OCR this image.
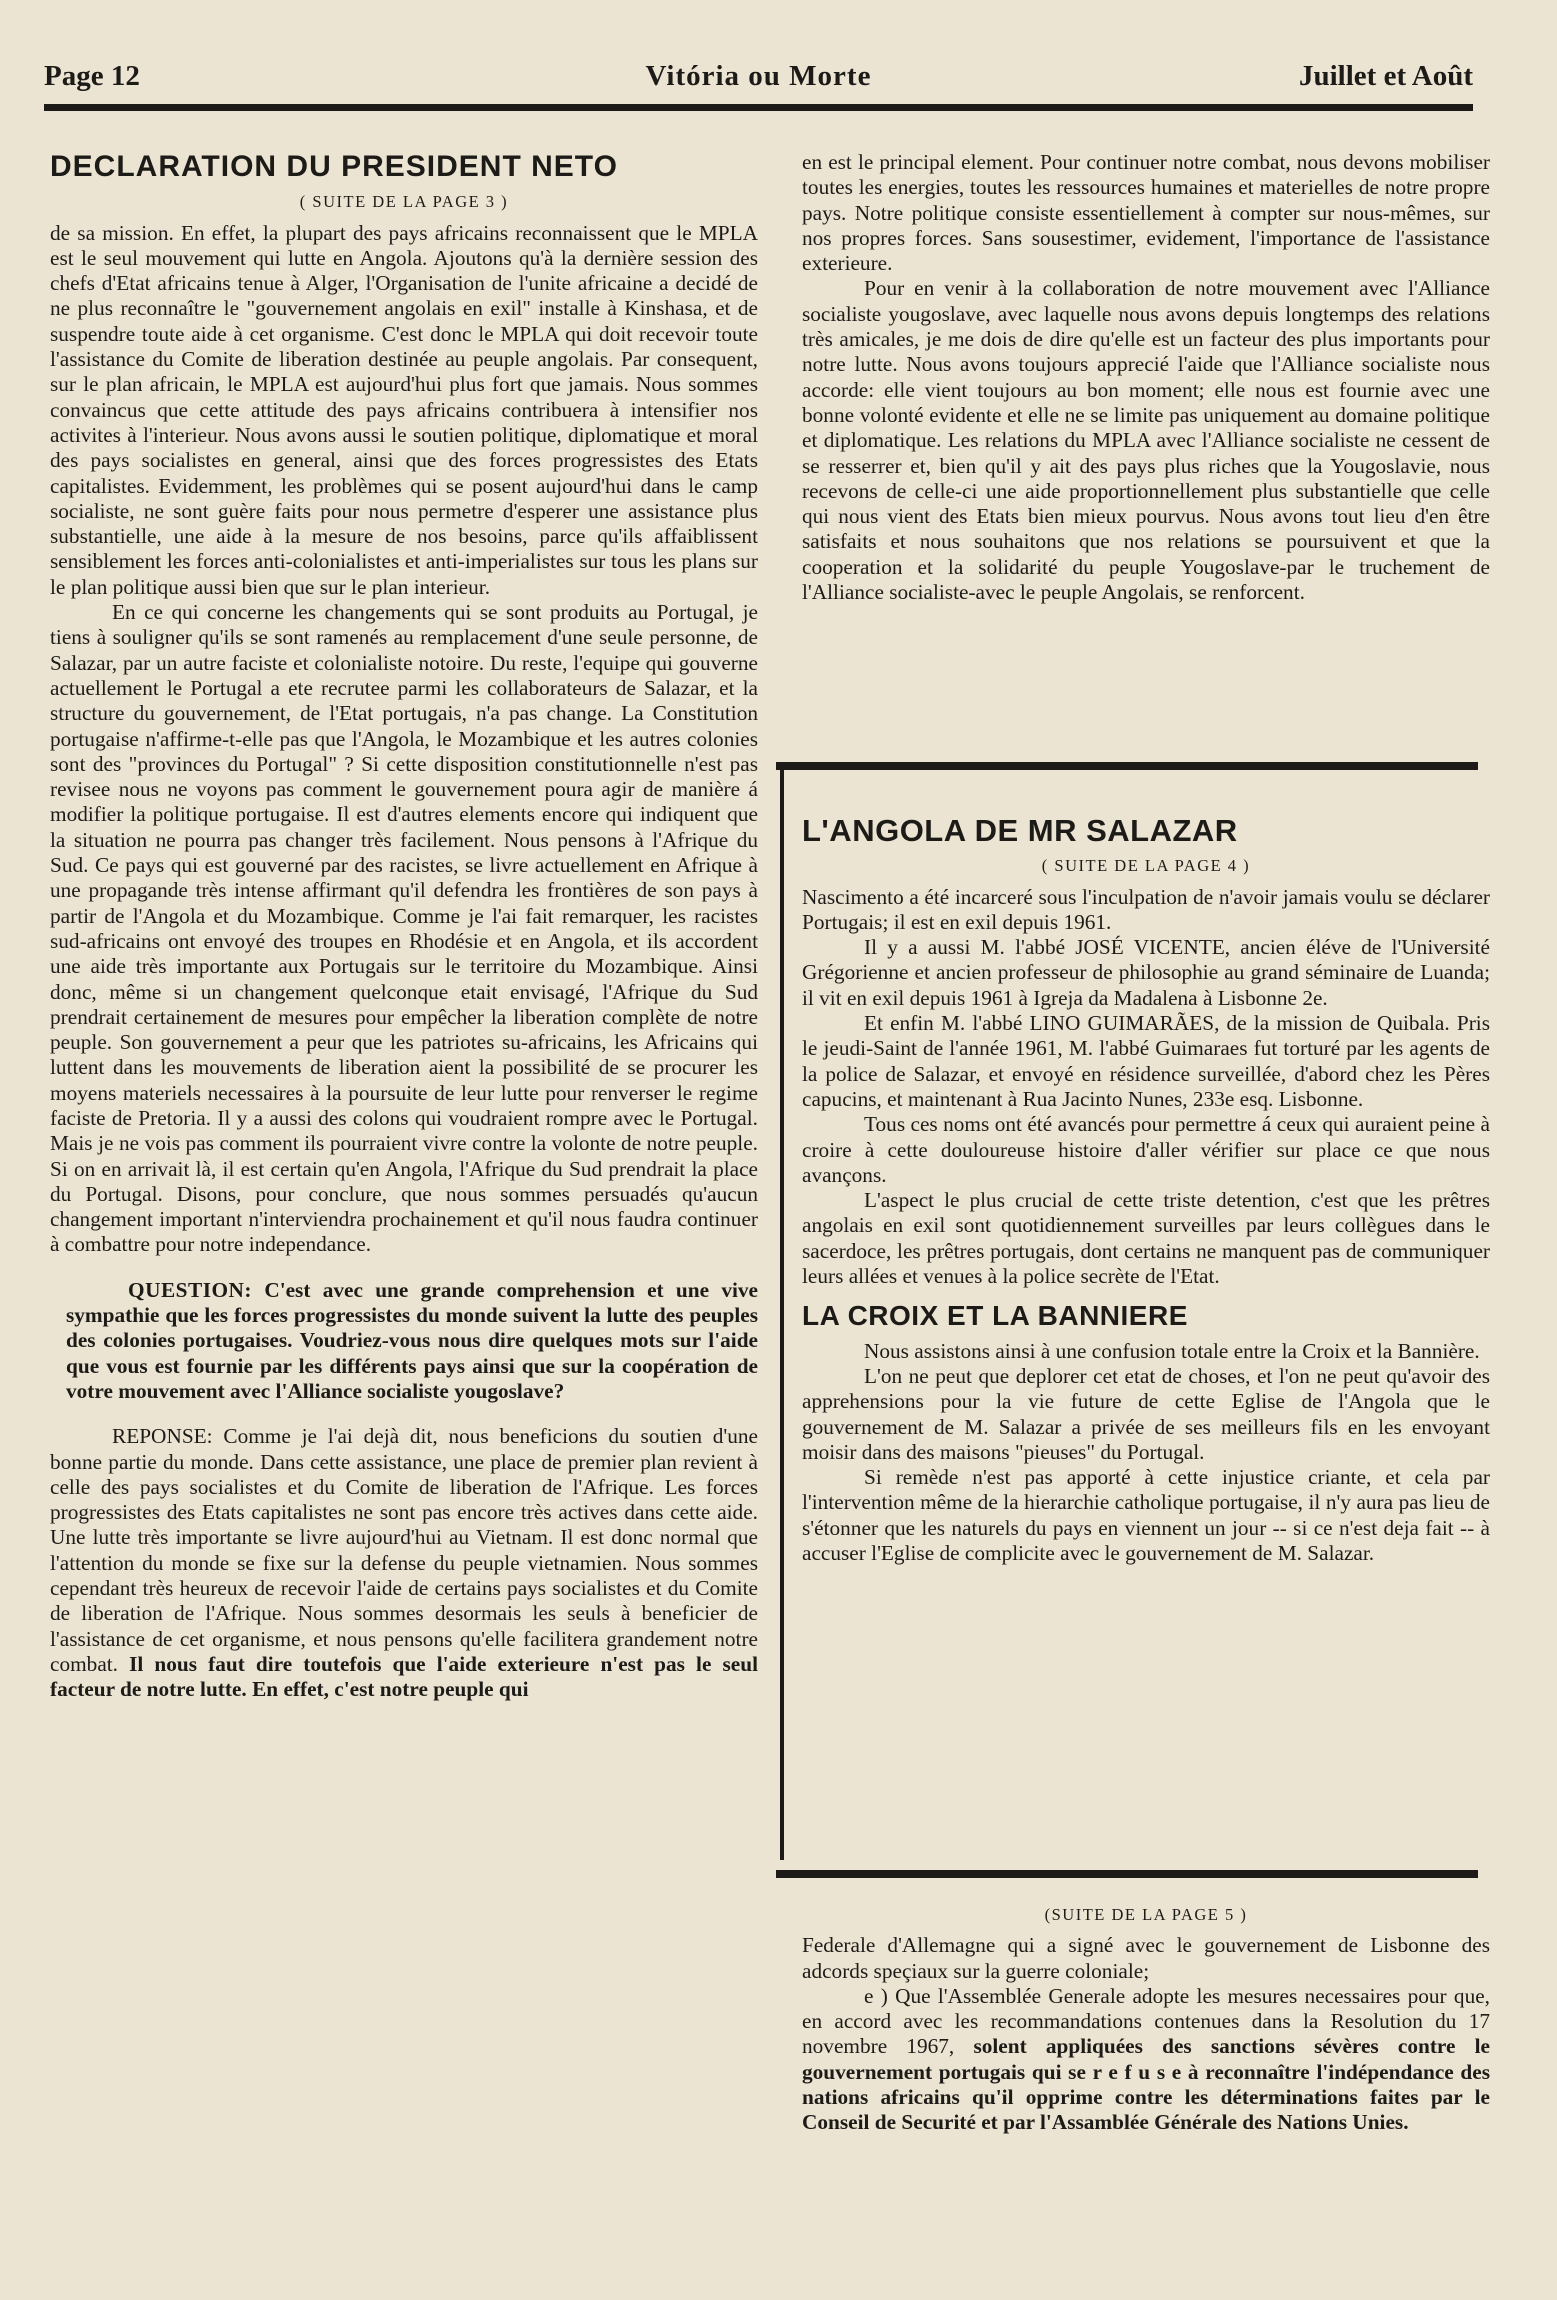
Page 12	Vitória ou Morte	Juillet et Août
DECLARATION DU PRESIDENT NETO
( SUITE DE LA PAGE 3 )

de sa mission. En effet, la plupart des pays africains reconnaissent que le MPLA est le seul mouvement qui lutte en Angola. Ajoutons qu'à la dernière session des chefs d'Etat africains tenue à Alger, l'Organisation de l'unite africaine a decidé de ne plus reconnaître le "gouvernement angolais en exil" installe à Kinshasa, et de suspendre toute aide à cet organisme. C'est donc le MPLA qui doit recevoir toute l'assistance du Comite de liberation destinée au peuple angolais. Par consequent, sur le plan africain, le MPLA est aujourd'hui plus fort que jamais. Nous sommes convaincus que cette attitude des pays africains contribuera à intensifier nos activites à l'interieur. Nous avons aussi le soutien politique, diplomatique et moral des pays socialistes en general, ainsi que des forces progressistes des Etats capitalistes. Evidemment, les problèmes qui se posent aujourd'hui dans le camp socialiste, ne sont guère faits pour nous permetre d'esperer une assistance plus substantielle, une aide à la mesure de nos besoins, parce qu'ils affaiblissent sensiblement les forces anti-colonialistes et anti-imperialistes sur tous les plans sur le plan politique aussi bien que sur le plan interieur.

En ce qui concerne les changements qui se sont produits au Portugal, je tiens à souligner qu'ils se sont ramenés au remplacement d'une seule personne, de Salazar, par un autre faciste et colonialiste notoire. Du reste, l'equipe qui gouverne actuellement le Portugal a ete recrutee parmi les collaborateurs de Salazar, et la structure du gouvernement, de l'Etat portugais, n'a pas change. La Constitution portugaise n'affirme-t-elle pas que l'Angola, le Mozambique et les autres colonies sont des "provinces du Portugal" ? Si cette disposition constitutionnelle n'est pas revisee nous ne voyons pas comment le gouvernement poura agir de manière á modifier la politique portugaise. Il est d'autres elements encore qui indiquent que la situation ne pourra pas changer très facilement. Nous pensons à l'Afrique du Sud. Ce pays qui est gouverné par des racistes, se livre actuellement en Afrique à une propagande très intense affirmant qu'il defendra les frontières de son pays à partir de l'Angola et du Mozambique. Comme je l'ai fait remarquer, les racistes sud-africains ont envoyé des troupes en Rhodésie et en Angola, et ils accordent une aide très importante aux Portugais sur le territoire du Mozambique. Ainsi donc, même si un changement quelconque etait envisagé, l'Afrique du Sud prendrait certainement de mesures pour empêcher la liberation complète de notre peuple. Son gouvernement a peur que les patriotes su-africains, les Africains qui luttent dans les mouvements de liberation aient la possibilité de se procurer les moyens materiels necessaires à la poursuite de leur lutte pour renverser le regime faciste de Pretoria. Il y a aussi des colons qui voudraient rompre avec le Portugal. Mais je ne vois pas comment ils pourraient vivre contre la volonte de notre peuple. Si on en arrivait là, il est certain qu'en Angola, l'Afrique du Sud prendrait la place du Portugal. Disons, pour conclure, que nous sommes persuadés qu'aucun changement important n'interviendra prochainement et qu'il nous faudra continuer à combattre pour notre independance.

QUESTION: C'est avec une grande comprehension et une vive sympathie que les forces progressistes du monde suivent la lutte des peuples des colonies portugaises. Voudriez-vous nous dire quelques mots sur l'aide que vous est fournie par les différents pays ainsi que sur la coopération de votre mouvement avec l'Alliance socialiste yougoslave?

REPONSE: Comme je l'ai dejà dit, nous beneficions du soutien d'une bonne partie du monde. Dans cette assistance, une place de premier plan revient à celle des pays socialistes et du Comite de liberation de l'Afrique. Les forces progressistes des Etats capitalistes ne sont pas encore très actives dans cette aide. Une lutte très importante se livre aujourd'hui au Vietnam. Il est donc normal que l'attention du monde se fixe sur la defense du peuple vietnamien. Nous sommes cependant très heureux de recevoir l'aide de certains pays socialistes et du Comite de liberation de l'Afrique. Nous sommes desormais les seuls à beneficier de l'assistance de cet organisme, et nous pensons qu'elle facilitera grandement notre combat. Il nous faut dire toutefois que l'aide exterieure n'est pas le seul facteur de notre lutte. En effet, c'est notre peuple qui

en est le principal element. Pour continuer notre combat, nous devons mobiliser toutes les energies, toutes les ressources humaines et materielles de notre propre pays. Notre politique consiste essentiellement à compter sur nous-mêmes, sur nos propres forces. Sans sousestimer, evidement, l'importance de l'assistance exterieure.

Pour en venir à la collaboration de notre mouvement avec l'Alliance socialiste yougoslave, avec laquelle nous avons depuis longtemps des relations très amicales, je me dois de dire qu'elle est un facteur des plus importants pour notre lutte. Nous avons toujours apprecié l'aide que l'Alliance socialiste nous accorde: elle vient toujours au bon moment; elle nous est fournie avec une bonne volonté evidente et elle ne se limite pas uniquement au domaine politique et diplomatique. Les relations du MPLA avec l'Alliance socialiste ne cessent de se resserrer et, bien qu'il y ait des pays plus riches que la Yougoslavie, nous recevons de celle-ci une aide proportionnellement plus substantielle que celle qui nous vient des Etats bien mieux pourvus. Nous avons tout lieu d'en être satisfaits et nous souhaitons que nos relations se poursuivent et que la cooperation et la solidarité du peuple Yougoslave-par le truchement de l'Alliance socialiste-avec le peuple Angolais, se renforcent.

L'ANGOLA DE MR SALAZAR
( SUITE DE LA PAGE 4 )

Nascimento a été incarceré sous l'inculpation de n'avoir jamais voulu se déclarer Portugais; il est en exil depuis 1961.

Il y a aussi M. l'abbé JOSÉ VICENTE, ancien éléve de l'Université Grégorienne et ancien professeur de philosophie au grand séminaire de Luanda; il vit en exil depuis 1961 à Igreja da Madalena à Lisbonne 2e.

Et enfin M. l'abbé LINO GUIMARÃES, de la mission de Quibala. Pris le jeudi-Saint de l'année 1961, M. l'abbé Guimaraes fut torturé par les agents de la police de Salazar, et envoyé en résidence surveillée, d'abord chez les Pères capucins, et maintenant à Rua Jacinto Nunes, 233e esq. Lisbonne.

Tous ces noms ont été avancés pour permettre á ceux qui auraient peine à croire à cette douloureuse histoire d'aller vérifier sur place ce que nous avançons.

L'aspect le plus crucial de cette triste detention, c'est que les prêtres angolais en exil sont quotidiennement surveilles par leurs collègues dans le sacerdoce, les prêtres portugais, dont certains ne manquent pas de communiquer leurs allées et venues à la police secrète de l'Etat.

LA CROIX ET LA BANNIERE

Nous assistons ainsi à une confusion totale entre la Croix et la Bannière.

L'on ne peut que deplorer cet etat de choses, et l'on ne peut qu'avoir des apprehensions pour la vie future de cette Eglise de l'Angola que le gouvernement de M. Salazar a privée de ses meilleurs fils en les envoyant moisir dans des maisons "pieuses" du Portugal.

Si remède n'est pas apporté à cette injustice criante, et cela par l'intervention même de la hierarchie catholique portugaise, il n'y aura pas lieu de s'étonner que les naturels du pays en viennent un jour -- si ce n'est deja fait -- à accuser l'Eglise de complicite avec le gouvernement de M. Salazar.

(SUITE DE LA PAGE 5 )

Federale d'Allemagne qui a signé avec le gouvernement de Lisbonne des adcords speçiaux sur la guerre coloniale;

e ) Que l'Assemblée Generale adopte les mesures necessaires pour que, en accord avec les recommandations contenues dans la Resolution du 17 novembre 1967, solent appliquées des sanctions sévères contre le gouvernement portugais qui se r e f u s e à reconnaître l'indépendance des nations africains qu'il opprime contre les déterminations faites par le Conseil de Securité et par l'Assamblée Générale des Nations Unies.
